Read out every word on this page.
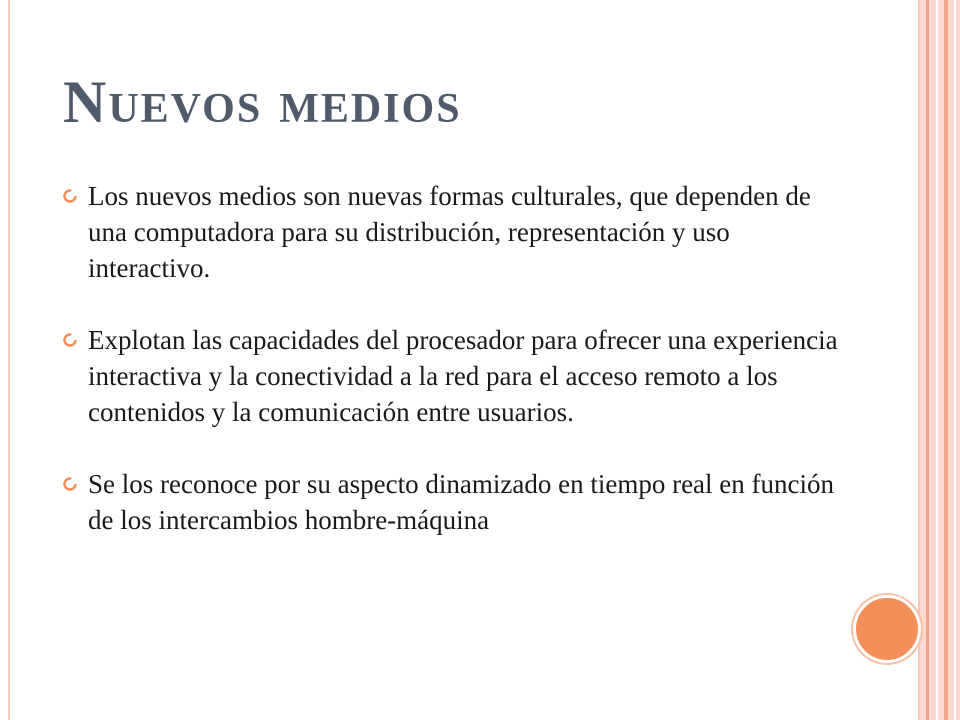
Nuevos medios
Los nuevos medios son nuevas formas culturales, que dependen de una computadora para su distribución, representación y uso interactivo.
Explotan las capacidades del procesador para ofrecer una experiencia interactiva y la conectividad a la red para el acceso remoto a los contenidos y la comunicación entre usuarios.
Se los reconoce por su aspecto dinamizado en tiempo real en función de los intercambios hombre-máquina
